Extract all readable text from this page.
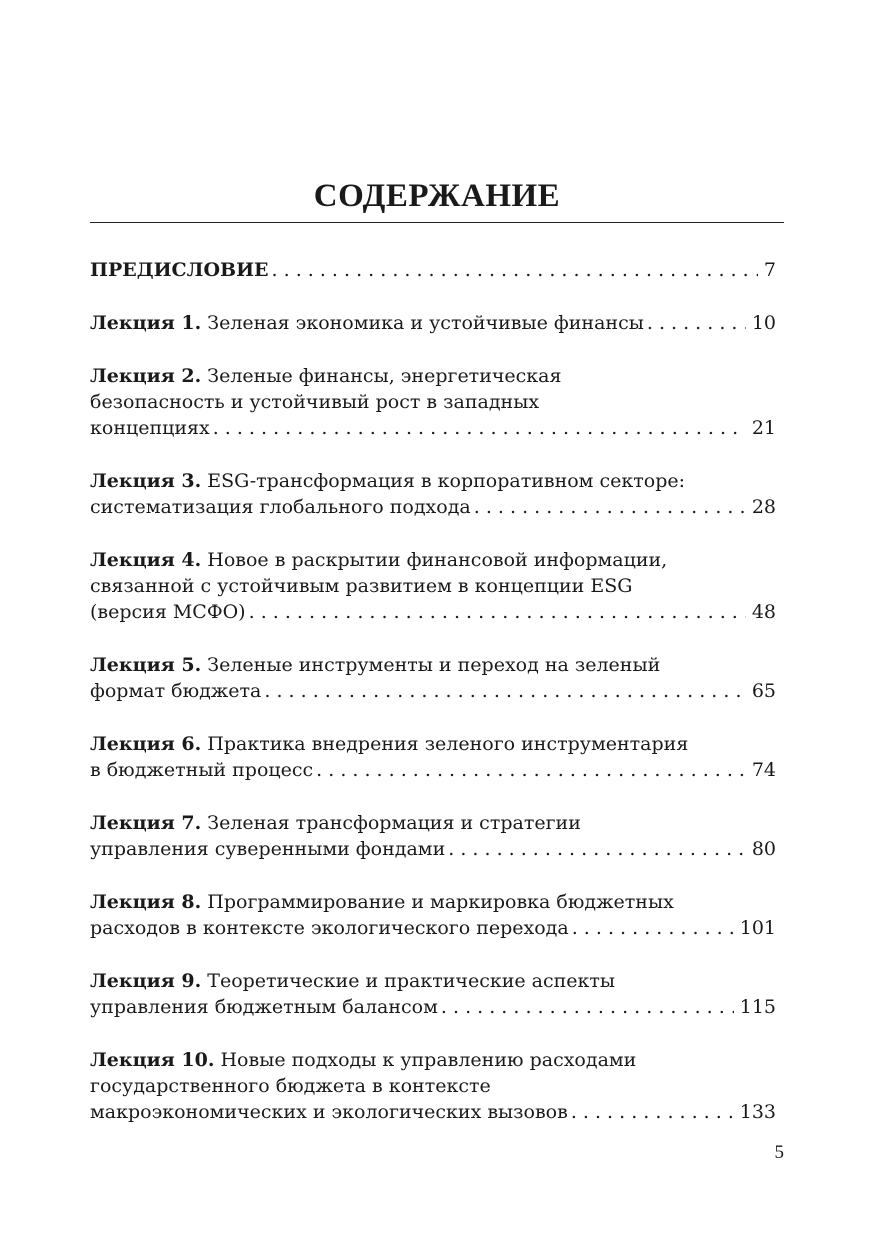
СОДЕРЖАНИЕ
ПРЕДИСЛОВИЕ . . .	7
Лекция 1. Зеленая экономика и устойчивые финансы . . .	10
Лекция 2. Зеленые финансы, энергетическая
безопасность и устойчивый рост в западных
концепциях . . .	21
Лекция 3. ESG-трансформация в корпоративном секторе:
систематизация глобального подхода . . .	28
Лекция 4. Новое в раскрытии финансовой информации,
связанной с устойчивым развитием в концепции ESG
(версия МСФО) . . .	48
Лекция 5. Зеленые инструменты и переход на зеленый
формат бюджета . . .	65
Лекция 6. Практика внедрения зеленого инструментария
в бюджетный процесс . . .	74
Лекция 7. Зеленая трансформация и стратегии
управления суверенными фондами . . .	80
Лекция 8. Программирование и маркировка бюджетных
расходов в контексте экологического перехода . . .	101
Лекция 9. Теоретические и практические аспекты
управления бюджетным балансом . . .	115
Лекция 10. Новые подходы к управлению расходами
государственного бюджета в контексте
макроэкономических и экологических вызовов . . .	133
5
